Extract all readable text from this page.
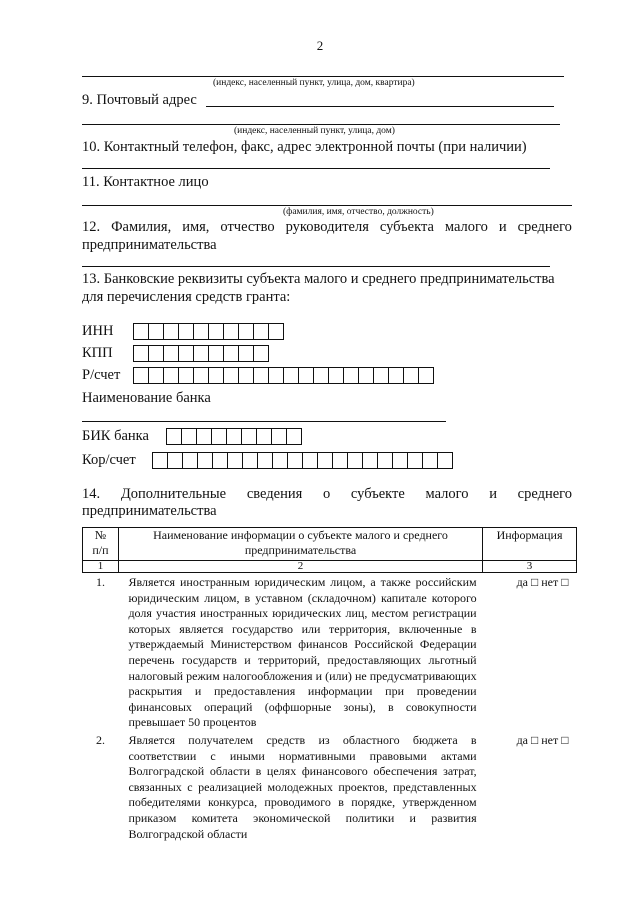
2
(индекс, населенный пункт, улица, дом, квартира)
9. Почтовый адрес
(индекс, населенный пункт, улица, дом)
10. Контактный телефон, факс, адрес электронной почты (при наличии)
11. Контактное лицо
(фамилия, имя, отчество, должность)
12. Фамилия, имя, отчество руководителя субъекта малого и среднего
предпринимательства
13. Банковские реквизиты субъекта малого и среднего предпринимательства
для перечисления средств гранта:
ИНН
КПП
Р/счет
Наименование банка
БИК банка
Кор/счет
14. Дополнительные сведения о субъекте малого и среднего
предпринимательства
№ п/п	Наименование информации о субъекте малого и среднего предпринимательства	Информация
1	2	3
1.	Является иностранным юридическим лицом, а также российским юридическим лицом, в уставном (складочном) капитале которого доля участия иностранных юридических лиц, местом регистрации которых является государство или территория, включенные в утверждаемый Министерством финансов Российской Федерации перечень государств и территорий, предоставляющих льготный налоговый режим налогообложения и (или) не предусматривающих раскрытия и предоставления информации при проведении финансовых операций (оффшорные зоны), в совокупности превышает 50 процентов	да □ нет □
2.	Является получателем средств из областного бюджета в соответствии с иными нормативными правовыми актами Волгоградской области в целях финансового обеспечения затрат, связанных с реализацией молодежных проектов, представленных победителями конкурса, проводимого в порядке, утвержденном приказом комитета экономической политики и развития Волгоградской области	да □ нет □
